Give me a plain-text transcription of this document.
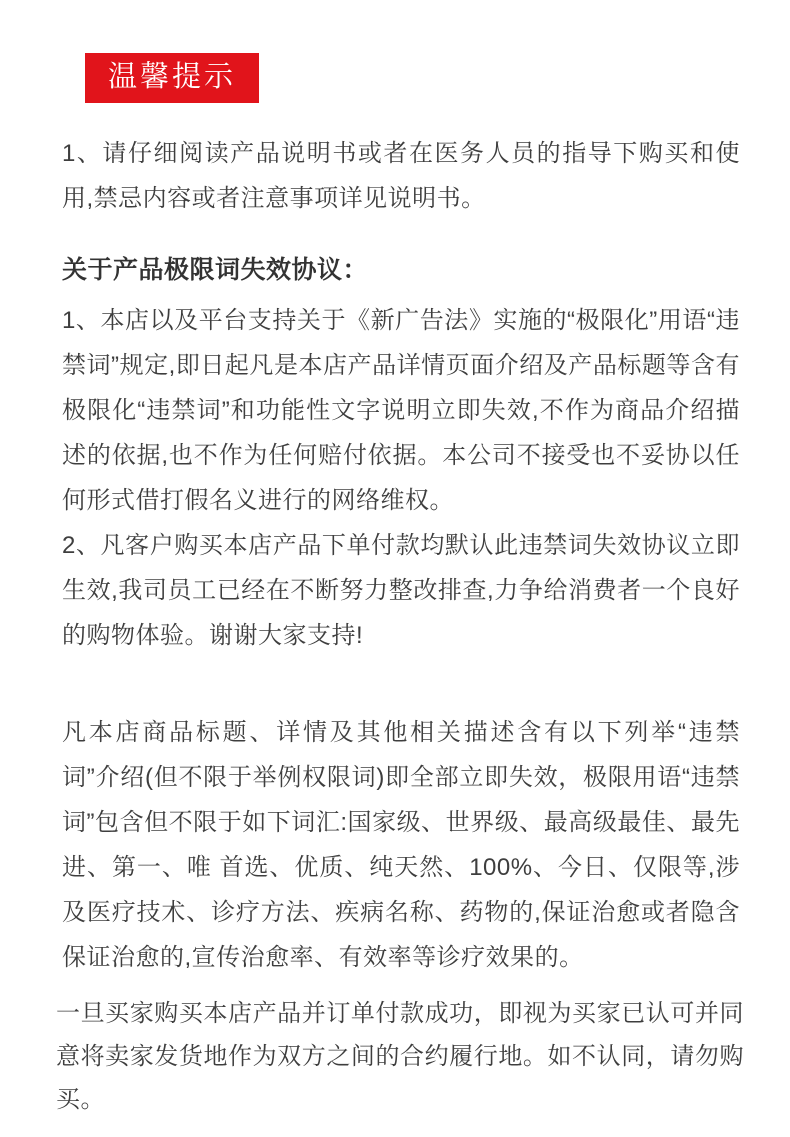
温馨提示

1、请仔细阅读产品说明书或者在医务人员的指导下购买和使用,禁忌内容或者注意事项详见说明书。

关于产品极限词失效协议：

1、本店以及平台支持关于《新广告法》实施的“极限化”用语“违禁词”规定,即日起凡是本店产品详情页面介绍及产品标题等含有极限化“违禁词”和功能性文字说明立即失效,不作为商品介绍描述的依据,也不作为任何赔付依据。本公司不接受也不妥协以任何形式借打假名义进行的网络维权。

2、凡客户购买本店产品下单付款均默认此违禁词失效协议立即生效,我司员工已经在不断努力整改排查,力争给消费者一个良好的购物体验。谢谢大家支持!

凡本店商品标题、详情及其他相关描述含有以下列举“违禁词”介绍(但不限于举例权限词)即全部立即失效，极限用语“违禁词”包含但不限于如下词汇:国家级、世界级、最高级最佳、最先进、第一、唯 首选、优质、纯天然、100%、今日、仅限等,涉及医疗技术、诊疗方法、疾病名称、药物的,保证治愈或者隐含保证治愈的,宣传治愈率、有效率等诊疗效果的。

一旦买家购买本店产品并订单付款成功，即视为买家已认可并同意将卖家发货地作为双方之间的合约履行地。如不认同，请勿购买。
